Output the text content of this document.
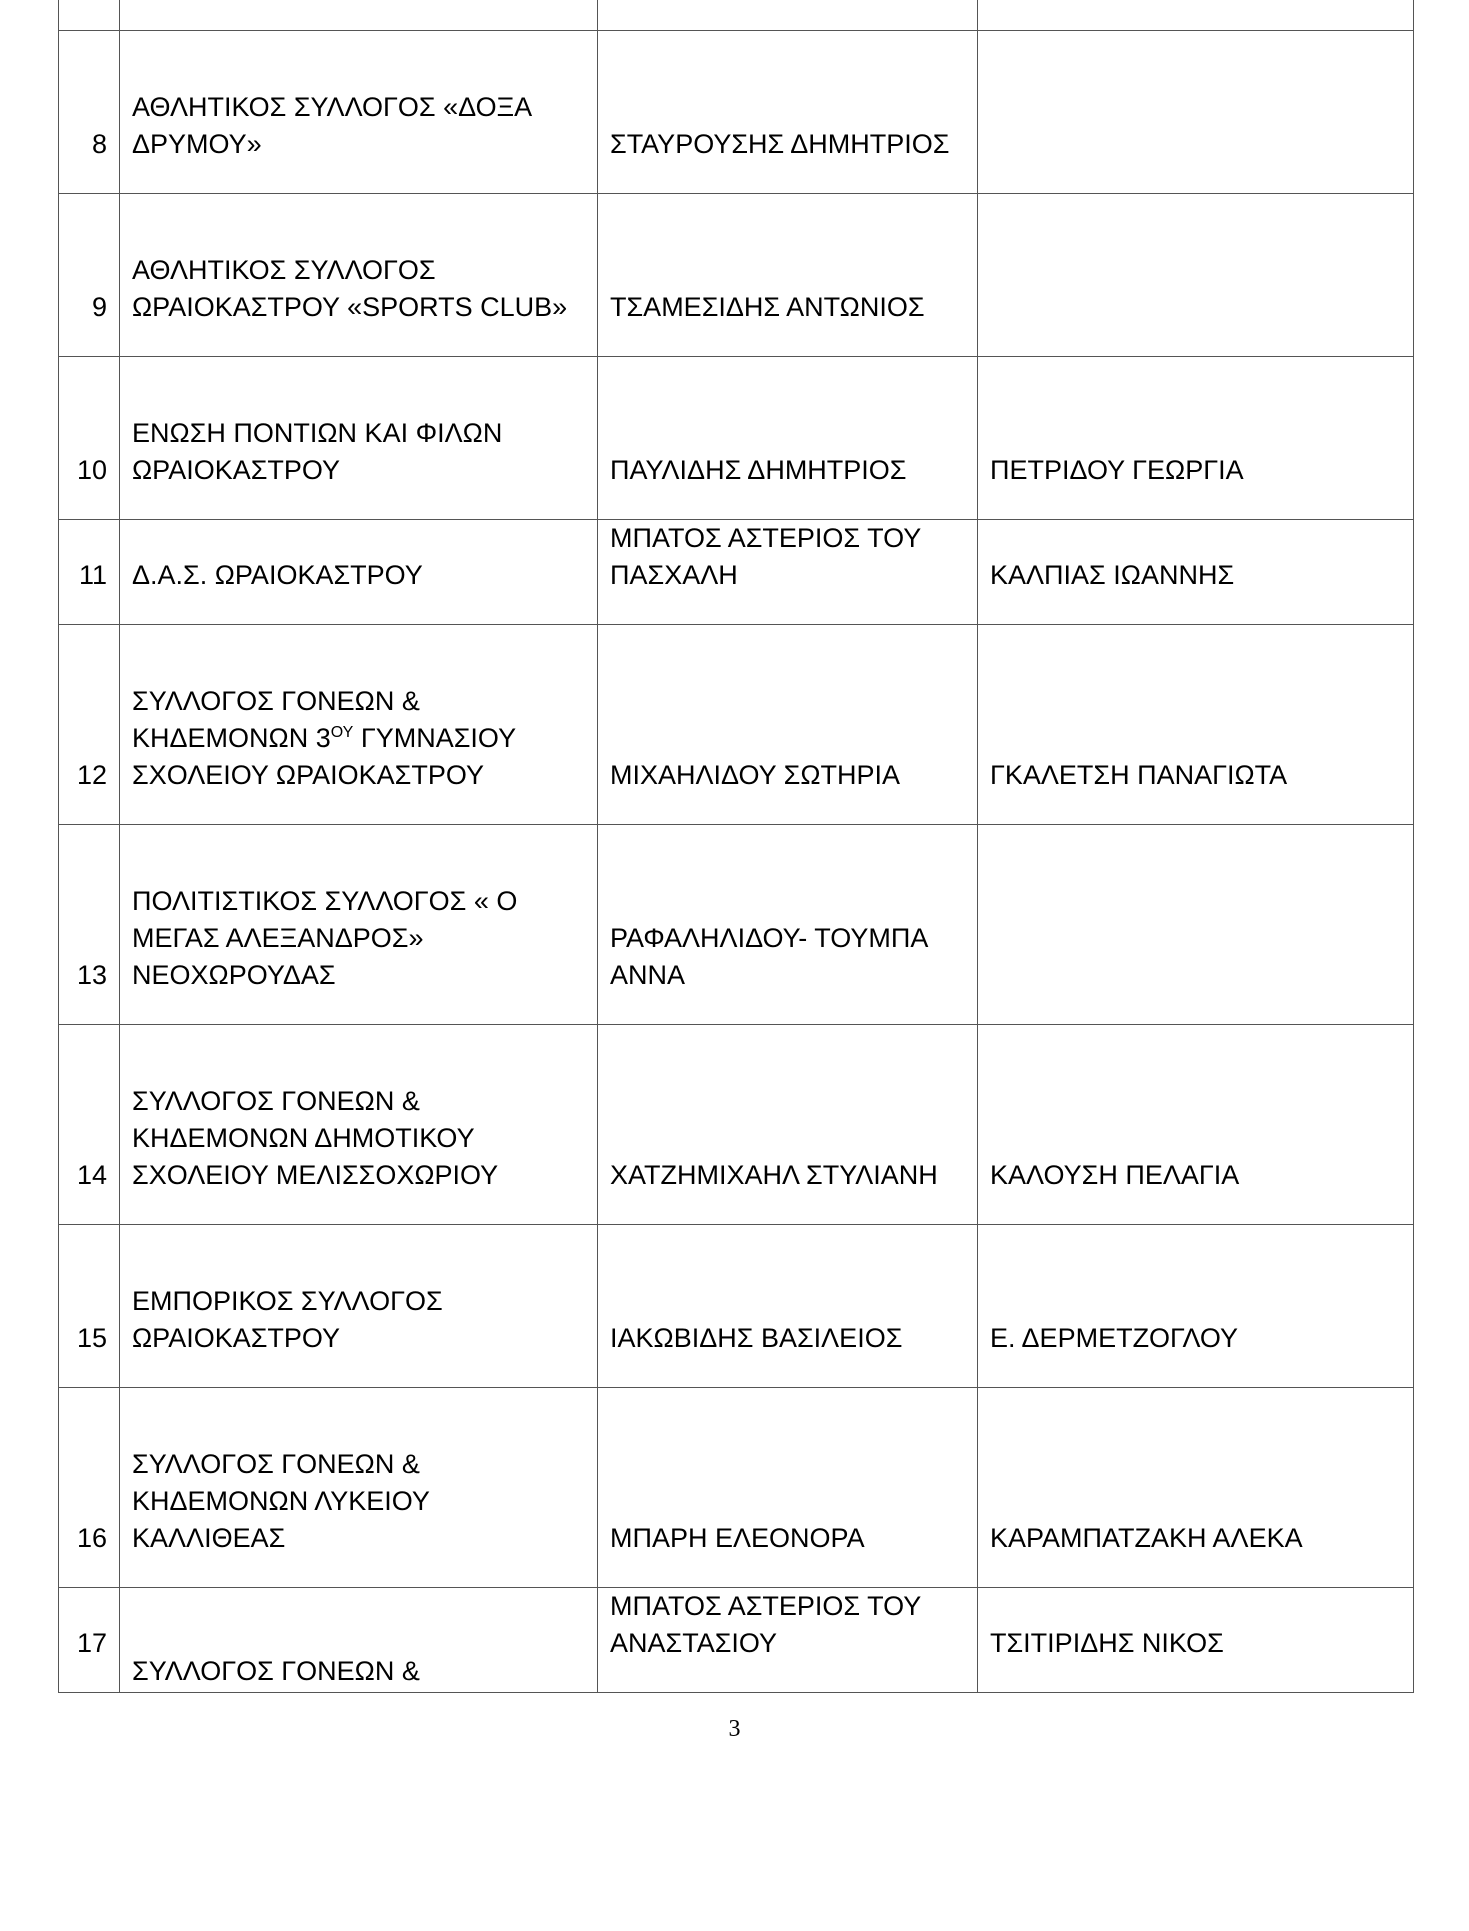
8	ΑΘΛΗΤΙΚΟΣ ΣΥΛΛΟΓΟΣ «ΔΟΞΑ ΔΡΥΜΟΥ»	ΣΤΑΥΡΟΥΣΗΣ ΔΗΜΗΤΡΙΟΣ	

9	ΑΘΛΗΤΙΚΟΣ ΣΥΛΛΟΓΟΣ ΩΡΑΙΟΚΑΣΤΡΟΥ «SPORTS CLUB»	ΤΣΑΜΕΣΙΔΗΣ ΑΝΤΩΝΙΟΣ	

10	ΕΝΩΣΗ ΠΟΝΤΙΩΝ ΚΑΙ ΦΙΛΩΝ ΩΡΑΙΟΚΑΣΤΡΟΥ	ΠΑΥΛΙΔΗΣ ΔΗΜΗΤΡΙΟΣ	ΠΕΤΡΙΔΟΥ ΓΕΩΡΓΙΑ

11	Δ.Α.Σ. ΩΡΑΙΟΚΑΣΤΡΟΥ	ΜΠΑΤΟΣ ΑΣΤΕΡΙΟΣ ΤΟΥ ΠΑΣΧΑΛΗ	ΚΑΛΠΙΑΣ ΙΩΑΝΝΗΣ

12	ΣΥΛΛΟΓΟΣ ΓΟΝΕΩΝ & ΚΗΔΕΜΟΝΩΝ $3^{O\Upsilon}$ ΓΥΜΝΑΣΙΟΥ ΣΧΟΛΕΙΟΥ ΩΡΑΙΟΚΑΣΤΡΟΥ	ΜΙΧΑΗΛΙΔΟΥ ΣΩΤΗΡΙΑ	ΓΚΑΛΕΤΣΗ ΠΑΝΑΓΙΩΤΑ

13	ΠΟΛΙΤΙΣΤΙΚΟΣ ΣΥΛΛΟΓΟΣ « Ο ΜΕΓΑΣ ΑΛΕΞΑΝΔΡΟΣ» ΝΕΟΧΩΡΟΥΔΑΣ	ΡΑΦΑΛΗΛΙΔΟΥ- ΤΟΥΜΠΑ ΑΝΝΑ	

14	ΣΥΛΛΟΓΟΣ ΓΟΝΕΩΝ & ΚΗΔΕΜΟΝΩΝ ΔΗΜΟΤΙΚΟΥ ΣΧΟΛΕΙΟΥ ΜΕΛΙΣΣΟΧΩΡΙΟΥ	ΧΑΤΖΗΜΙΧΑΗΛ ΣΤΥΛΙΑΝΗ	ΚΑΛΟΥΣΗ ΠΕΛΑΓΙΑ

15	ΕΜΠΟΡΙΚΟΣ ΣΥΛΛΟΓΟΣ ΩΡΑΙΟΚΑΣΤΡΟΥ	ΙΑΚΩΒΙΔΗΣ ΒΑΣΙΛΕΙΟΣ	Ε. ΔΕΡΜΕΤΖΟΓΛΟΥ

16	ΣΥΛΛΟΓΟΣ ΓΟΝΕΩΝ & ΚΗΔΕΜΟΝΩΝ ΛΥΚΕΙΟΥ ΚΑΛΛΙΘΕΑΣ	ΜΠΑΡΗ ΕΛΕΟΝΟΡΑ	ΚΑΡΑΜΠΑΤΖΑΚΗ ΑΛΕΚΑ

17	ΣΥΛΛΟΓΟΣ ΓΟΝΕΩΝ &	ΜΠΑΤΟΣ ΑΣΤΕΡΙΟΣ ΤΟΥ ΑΝΑΣΤΑΣΙΟΥ	ΤΣΙΤΙΡΙΔΗΣ ΝΙΚΟΣ
3
